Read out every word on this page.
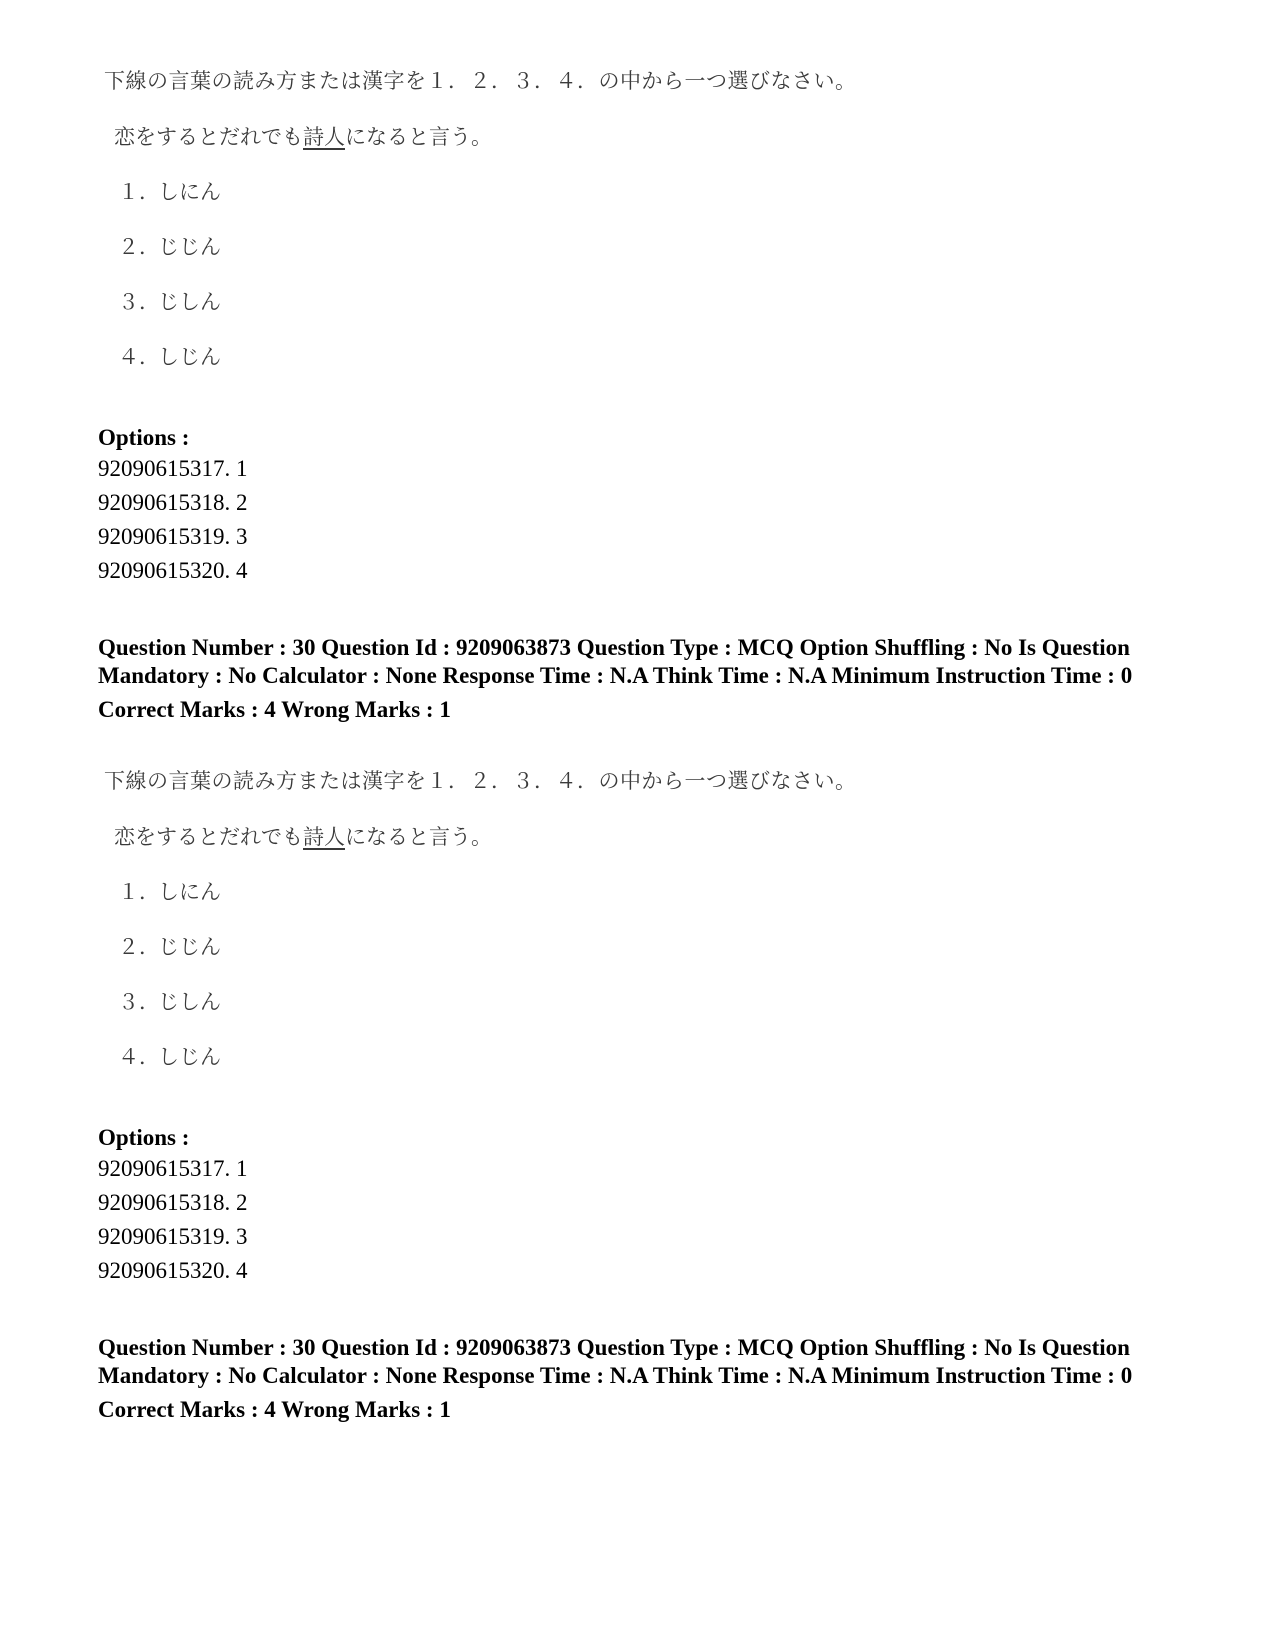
下線の言葉の読み方または漢字を１．２．３．４．の中から一つ選びなさい。
恋をするとだれでも詩人になると言う。
１．しにん
２．じじん
３．じしん
４．しじん
Options :
92090615317. 1
92090615318. 2
92090615319. 3
92090615320. 4
Question Number : 30 Question Id : 9209063873 Question Type : MCQ Option Shuffling : No Is Question Mandatory : No Calculator : None Response Time : N.A Think Time : N.A Minimum Instruction Time : 0
Correct Marks : 4 Wrong Marks : 1
下線の言葉の読み方または漢字を１．２．３．４．の中から一つ選びなさい。
恋をするとだれでも詩人になると言う。
１．しにん
２．じじん
３．じしん
４．しじん
Options :
92090615317. 1
92090615318. 2
92090615319. 3
92090615320. 4
Question Number : 30 Question Id : 9209063873 Question Type : MCQ Option Shuffling : No Is Question Mandatory : No Calculator : None Response Time : N.A Think Time : N.A Minimum Instruction Time : 0
Correct Marks : 4 Wrong Marks : 1
